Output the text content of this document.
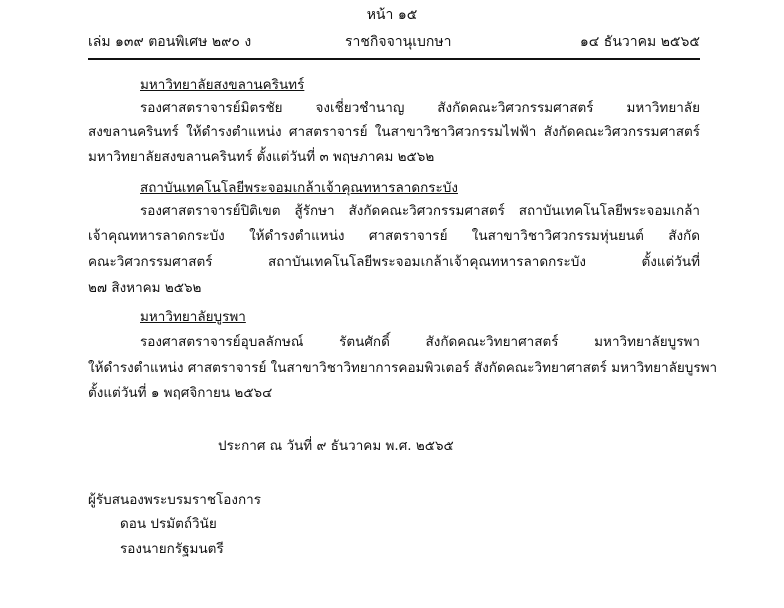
หน้า ๑๕
เล่ม ๑๓๙ ตอนพิเศษ ๒๙๐ ง	ราชกิจจานุเบกษา	๑๔ ธันวาคม ๒๕๖๕
มหาวิทยาลัยสงขลานครินทร์
รองศาสตราจารย์มิตรชัย จงเชี่ยวชำนาญ สังกัดคณะวิศวกรรมศาสตร์ มหาวิทยาลัย
สงขลานครินทร์ ให้ดำรงตำแหน่ง ศาสตราจารย์ ในสาขาวิชาวิศวกรรมไฟฟ้า สังกัดคณะวิศวกรรมศาสตร์
มหาวิทยาลัยสงขลานครินทร์ ตั้งแต่วันที่ ๓ พฤษภาคม ๒๕๖๒
สถาบันเทคโนโลยีพระจอมเกล้าเจ้าคุณทหารลาดกระบัง
รองศาสตราจารย์ปิติเขต สู้รักษา สังกัดคณะวิศวกรรมศาสตร์ สถาบันเทคโนโลยีพระจอมเกล้า
เจ้าคุณทหารลาดกระบัง ให้ดำรงตำแหน่ง ศาสตราจารย์ ในสาขาวิชาวิศวกรรมหุ่นยนต์ สังกัด
คณะวิศวกรรมศาสตร์ สถาบันเทคโนโลยีพระจอมเกล้าเจ้าคุณทหารลาดกระบัง ตั้งแต่วันที่
๒๗ สิงหาคม ๒๕๖๒
มหาวิทยาลัยบูรพา
รองศาสตราจารย์อุบลลักษณ์ รัตนศักดิ์ สังกัดคณะวิทยาศาสตร์ มหาวิทยาลัยบูรพา
ให้ดำรงตำแหน่ง ศาสตราจารย์ ในสาขาวิชาวิทยาการคอมพิวเตอร์ สังกัดคณะวิทยาศาสตร์ มหาวิทยาลัยบูรพา
ตั้งแต่วันที่ ๑ พฤศจิกายน ๒๕๖๔
ประกาศ ณ วันที่ ๙ ธันวาคม พ.ศ. ๒๕๖๕
ผู้รับสนองพระบรมราชโองการ
ดอน ปรมัตถ์วินัย
รองนายกรัฐมนตรี
